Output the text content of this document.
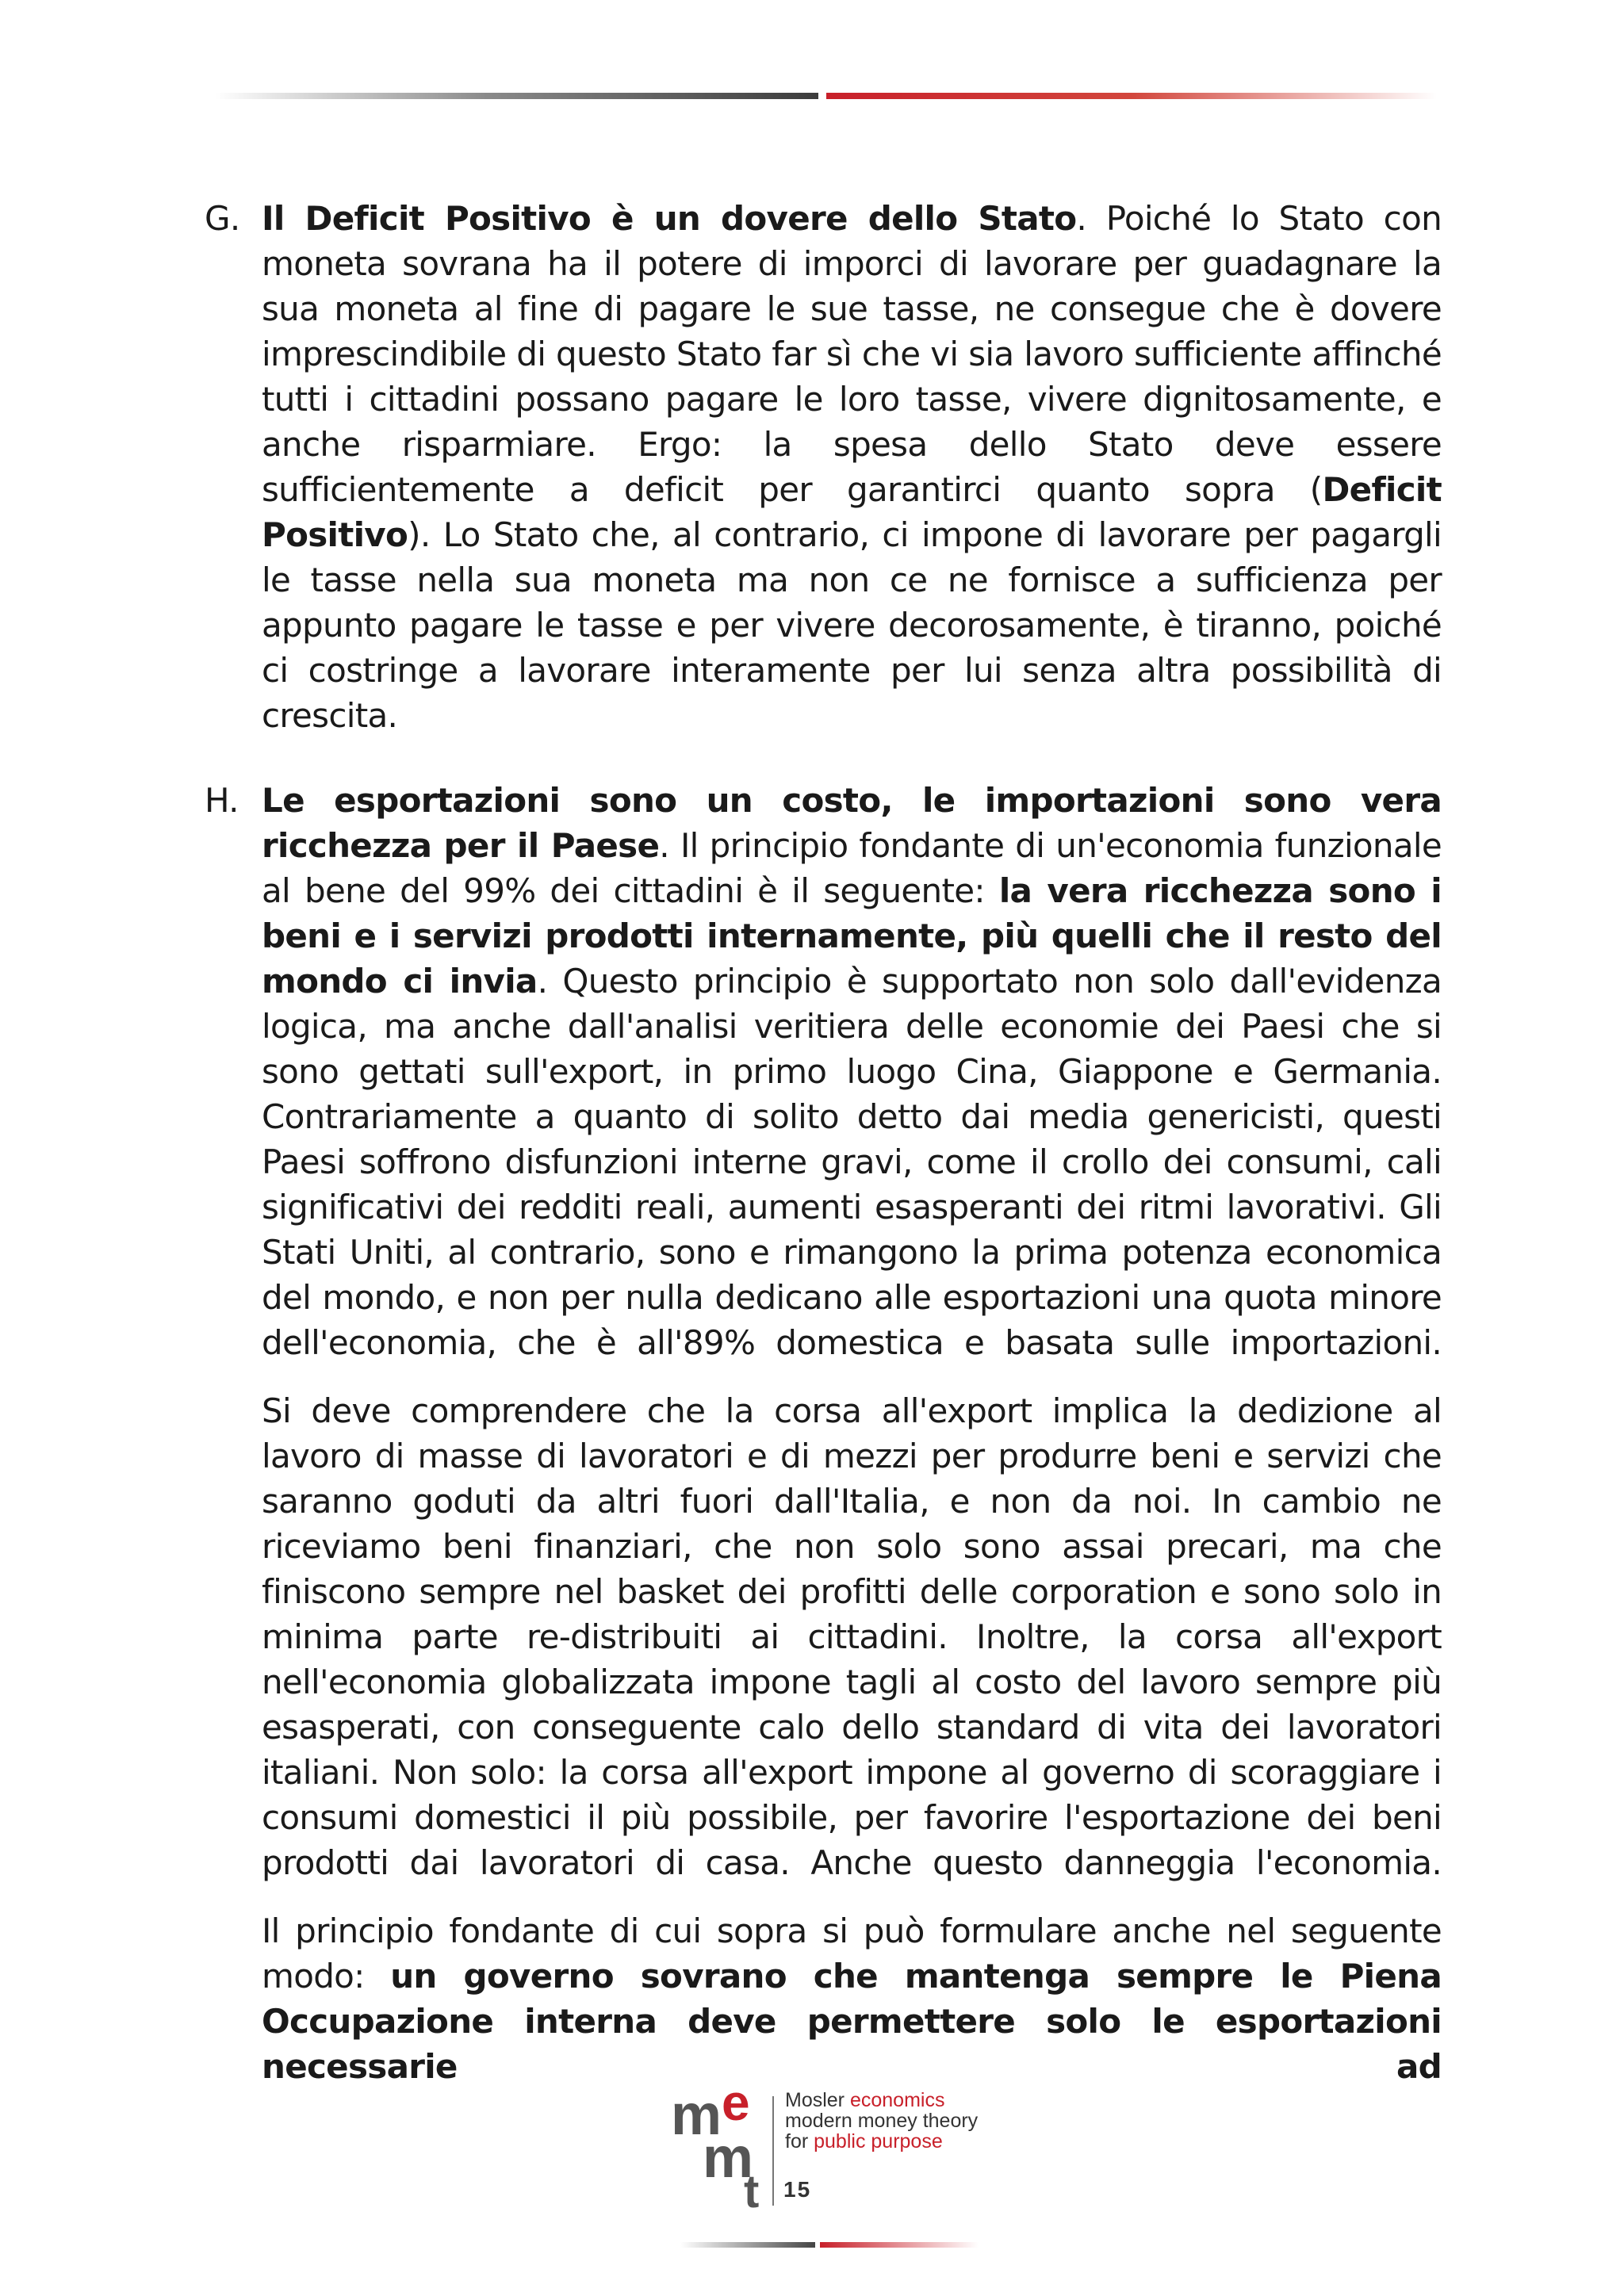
G. Il Deficit Positivo è un dovere dello Stato. Poiché lo Stato con moneta sovrana ha il potere di imporci di lavorare per guadagnare la sua moneta al fine di pagare le sue tasse, ne consegue che è dovere imprescindibile di questo Stato far sì che vi sia lavoro sufficiente affinché tutti i cittadini possano pagare le loro tasse, vivere dignitosamente, e anche risparmiare. Ergo: la spesa dello Stato deve essere sufficientemente a deficit per garantirci quanto sopra (Deficit Positivo). Lo Stato che, al contrario, ci impone di lavorare per pagargli le tasse nella sua moneta ma non ce ne fornisce a sufficienza per appunto pagare le tasse e per vivere decorosamente, è tiranno, poiché ci costringe a lavorare interamente per lui senza altra possibilità di crescita.

H. Le esportazioni sono un costo, le importazioni sono vera ricchezza per il Paese. Il principio fondante di un'economia funzionale al bene del 99% dei cittadini è il seguente: la vera ricchezza sono i beni e i servizi prodotti internamente, più quelli che il resto del mondo ci invia. Questo principio è supportato non solo dall'evidenza logica, ma anche dall'analisi veritiera delle economie dei Paesi che si sono gettati sull'export, in primo luogo Cina, Giappone e Germania. Contrariamente a quanto di solito detto dai media genericisti, questi Paesi soffrono disfunzioni interne gravi, come il crollo dei consumi, cali significativi dei redditi reali, aumenti esasperanti dei ritmi lavorativi. Gli Stati Uniti, al contrario, sono e rimangono la prima potenza economica del mondo, e non per nulla dedicano alle esportazioni una quota minore dell'economia, che è all'89% domestica e basata sulle importazioni.

Si deve comprendere che la corsa all'export implica la dedizione al lavoro di masse di lavoratori e di mezzi per produrre beni e servizi che saranno goduti da altri fuori dall'Italia, e non da noi. In cambio ne riceviamo beni finanziari, che non solo sono assai precari, ma che finiscono sempre nel basket dei profitti delle corporation e sono solo in minima parte re-distribuiti ai cittadini. Inoltre, la corsa all'export nell'economia globalizzata impone tagli al costo del lavoro sempre più esasperati, con conseguente calo dello standard di vita dei lavoratori italiani. Non solo: la corsa all'export impone al governo di scoraggiare i consumi domestici il più possibile, per favorire l'esportazione dei beni prodotti dai lavoratori di casa. Anche questo danneggia l'economia.

Il principio fondante di cui sopra si può formulare anche nel seguente modo: un governo sovrano che mantenga sempre le Piena Occupazione interna deve permettere solo le esportazioni necessarie ad

m e
m
t
Mosler economics
modern money theory
for public purpose
15
